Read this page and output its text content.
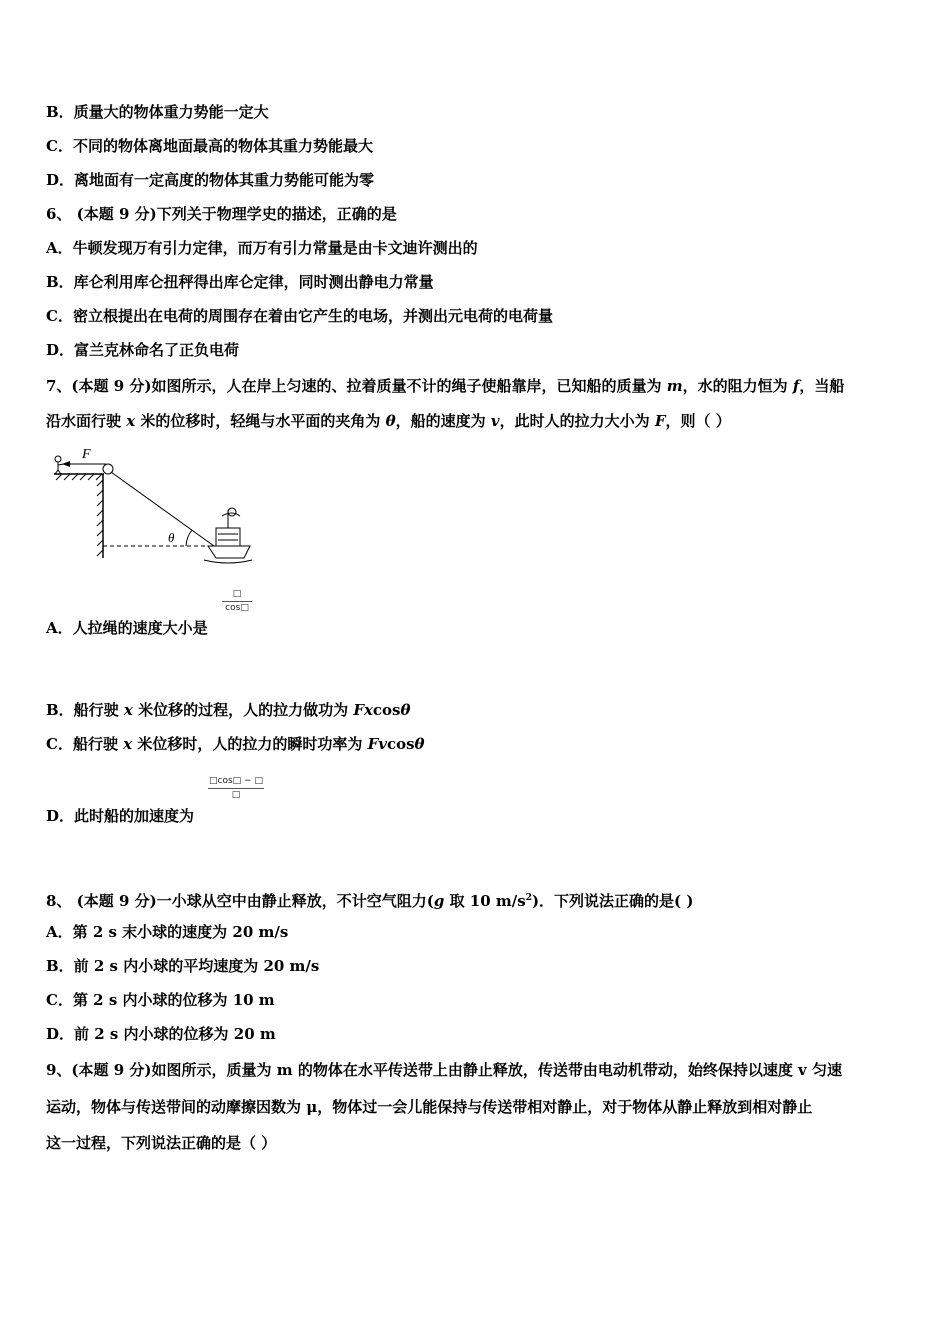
B．质量大的物体重力势能一定大
C．不同的物体离地面最高的物体其重力势能最大
D．离地面有一定高度的物体其重力势能可能为零
6、 (本题 9 分)下列关于物理学史的描述，正确的是
A．牛顿发现万有引力定律，而万有引力常量是由卡文迪许测出的
B．库仑利用库仑扭秤得出库仑定律，同时测出静电力常量
C．密立根提出在电荷的周围存在着由它产生的电场，并测出元电荷的电荷量
D．富兰克林命名了正负电荷
7、(本题 9 分)如图所示，人在岸上匀速的、拉着质量不计的绳子使船靠岸，已知船的质量为 m，水的阻力恒为 f，当船
沿水面行驶 x 米的位移时，轻绳与水平面的夹角为 θ，船的速度为 v，此时人的拉力大小为 F，则（ ）
F
θ
□
cos□
A．人拉绳的速度大小是
B．船行驶 x 米位移的过程，人的拉力做功为 Fxcosθ
C．船行驶 x 米位移时，人的拉力的瞬时功率为 Fvcosθ
□cos□ − □
□
D．此时船的加速度为
8、 (本题 9 分)一小球从空中由静止释放，不计空气阻力(g 取 10 $m/s^2$)．下列说法正确的是( )
A．第 2 s 末小球的速度为 20 m/s
B．前 2 s 内小球的平均速度为 20 m/s
C．第 2 s 内小球的位移为 10 m
D．前 2 s 内小球的位移为 20 m
9、(本题 9 分)如图所示，质量为 m 的物体在水平传送带上由静止释放，传送带由电动机带动，始终保持以速度 v 匀速
运动，物体与传送带间的动摩擦因数为 μ，物体过一会儿能保持与传送带相对静止，对于物体从静止释放到相对静止
这一过程，下列说法正确的是（ ）
